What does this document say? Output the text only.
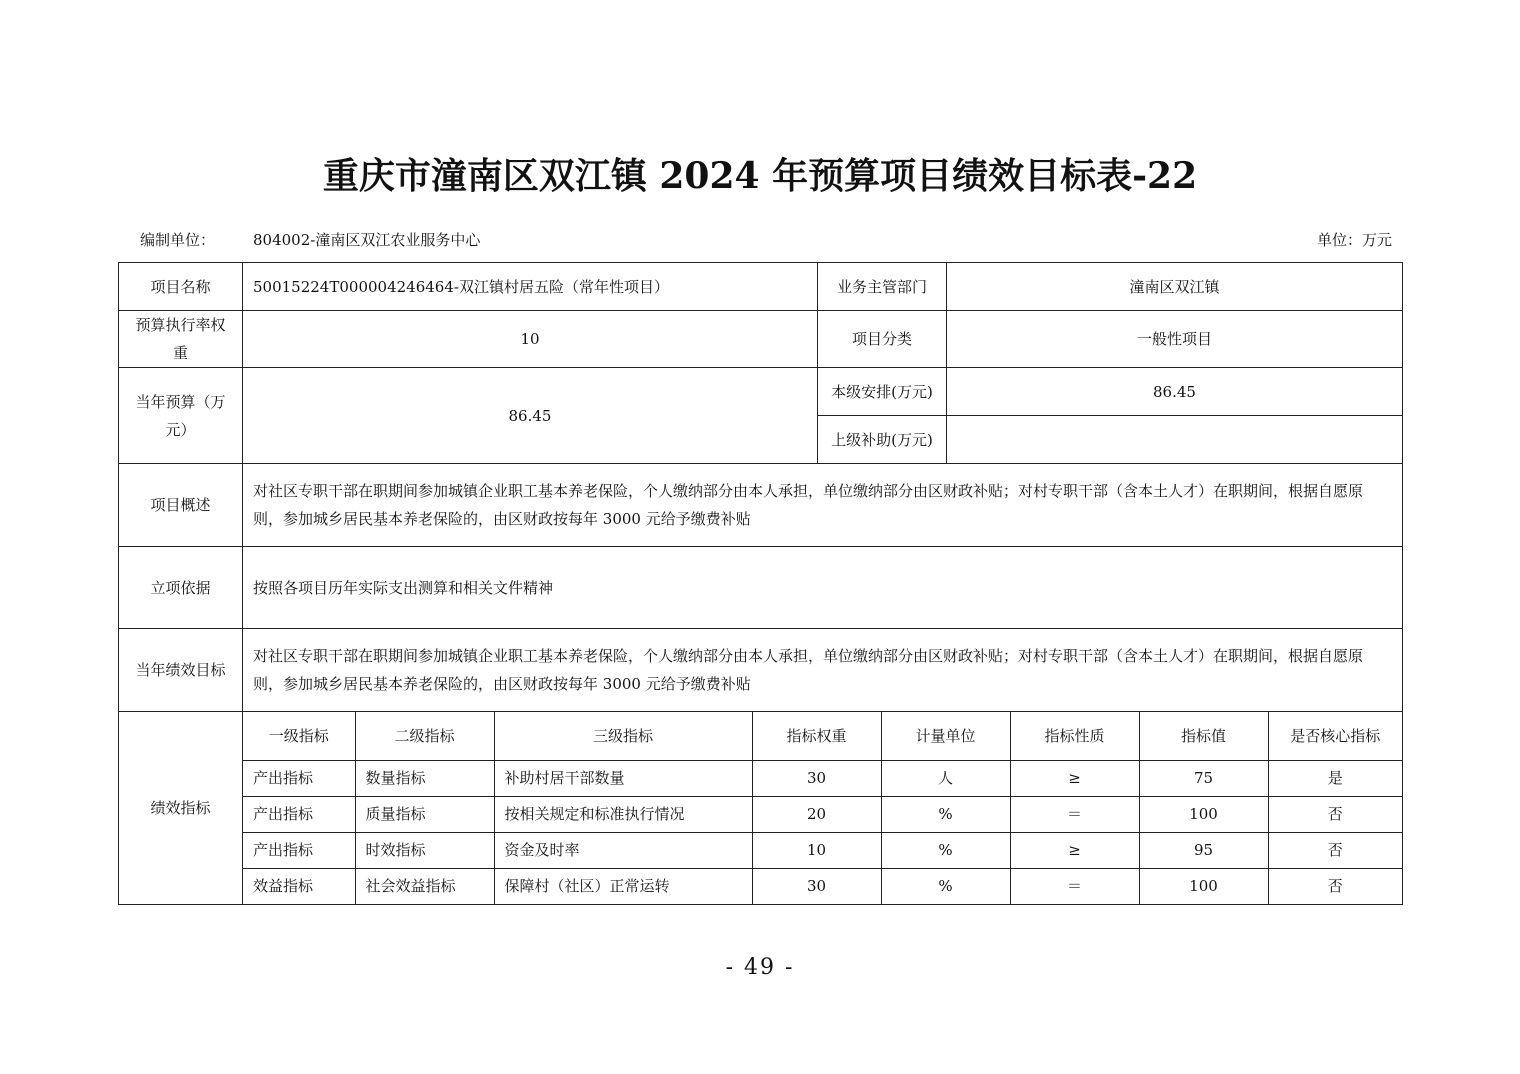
重庆市潼南区双江镇 2024 年预算项目绩效目标表-22
编制单位：	804002-潼南区双江农业服务中心	单位：万元
项目名称	50015224T000004246464-双江镇村居五险（常年性项目）	业务主管部门	潼南区双江镇
预算执行率权重	10	项目分类	一般性项目
当年预算（万元）	86.45	本级安排(万元)	86.45
上级补助(万元)	
项目概述	对社区专职干部在职期间参加城镇企业职工基本养老保险，个人缴纳部分由本人承担，单位缴纳部分由区财政补贴；对村专职干部（含本土人才）在职期间，根据自愿原则，参加城乡居民基本养老保险的，由区财政按每年 3000 元给予缴费补贴
立项依据	按照各项目历年实际支出测算和相关文件精神
当年绩效目标	对社区专职干部在职期间参加城镇企业职工基本养老保险，个人缴纳部分由本人承担，单位缴纳部分由区财政补贴；对村专职干部（含本土人才）在职期间，根据自愿原则，参加城乡居民基本养老保险的，由区财政按每年 3000 元给予缴费补贴
绩效指标	
一级指标	二级指标	三级指标	指标权重	计量单位	指标性质	指标值	是否核心指标
产出指标	数量指标	补助村居干部数量	30	人	≥	75	是
产出指标	质量指标	按相关规定和标准执行情况	20	%	＝	100	否
产出指标	时效指标	资金及时率	10	%	≥	95	否
效益指标	社会效益指标	保障村（社区）正常运转	30	%	＝	100	否
- 49 -
